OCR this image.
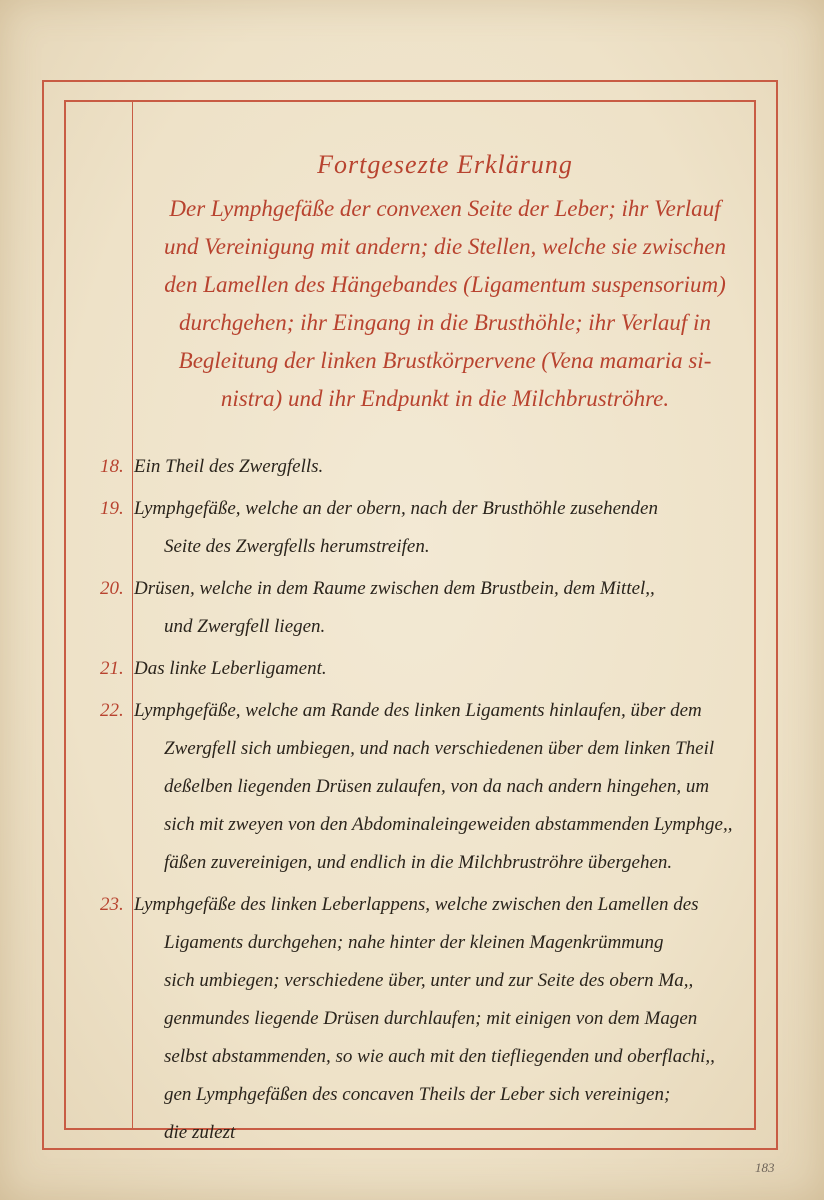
Fortgesezte Erklärung
Der Lymphgefäße der convexen Seite der Leber; ihr Verlauf
und Vereinigung mit andern; die Stellen, welche sie zwischen
den Lamellen des Hängebandes (Ligamentum suspensorium)
durchgehen; ihr Eingang in die Brusthöhle; ihr Verlauf in
Begleitung der linken Brustkörpervene (Vena mamaria si-
nistra) und ihr Endpunkt in die Milchbruströhre.
18. Ein Theil des Zwergfells.
19. Lymphgefäße, welche an der obern, nach der Brusthöhle zusehenden
Seite des Zwergfells herumstreifen.
20. Drüsen, welche in dem Raume zwischen dem Brustbein, dem Mittel,,
und Zwergfell liegen.
21. Das linke Leberligament.
22. Lymphgefäße, welche am Rande des linken Ligaments hinlaufen, über dem
Zwergfell sich umbiegen, und nach verschiedenen über dem linken Theil
deßelben liegenden Drüsen zulaufen, von da nach andern hingehen, um
sich mit zweyen von den Abdominaleingeweiden abstammenden Lymphge,,
fäßen zuvereinigen, und endlich in die Milchbruströhre übergehen.
23. Lymphgefäße des linken Leberlappens, welche zwischen den Lamellen des
Ligaments durchgehen; nahe hinter der kleinen Magenkrümmung
sich umbiegen; verschiedene über, unter und zur Seite des obern Ma,,
genmundes liegende Drüsen durchlaufen; mit einigen von dem Magen
selbst abstammenden, so wie auch mit den tiefliegenden und oberflachi,,
gen Lymphgefäßen des concaven Theils der Leber sich vereinigen;
die zulezt
183
